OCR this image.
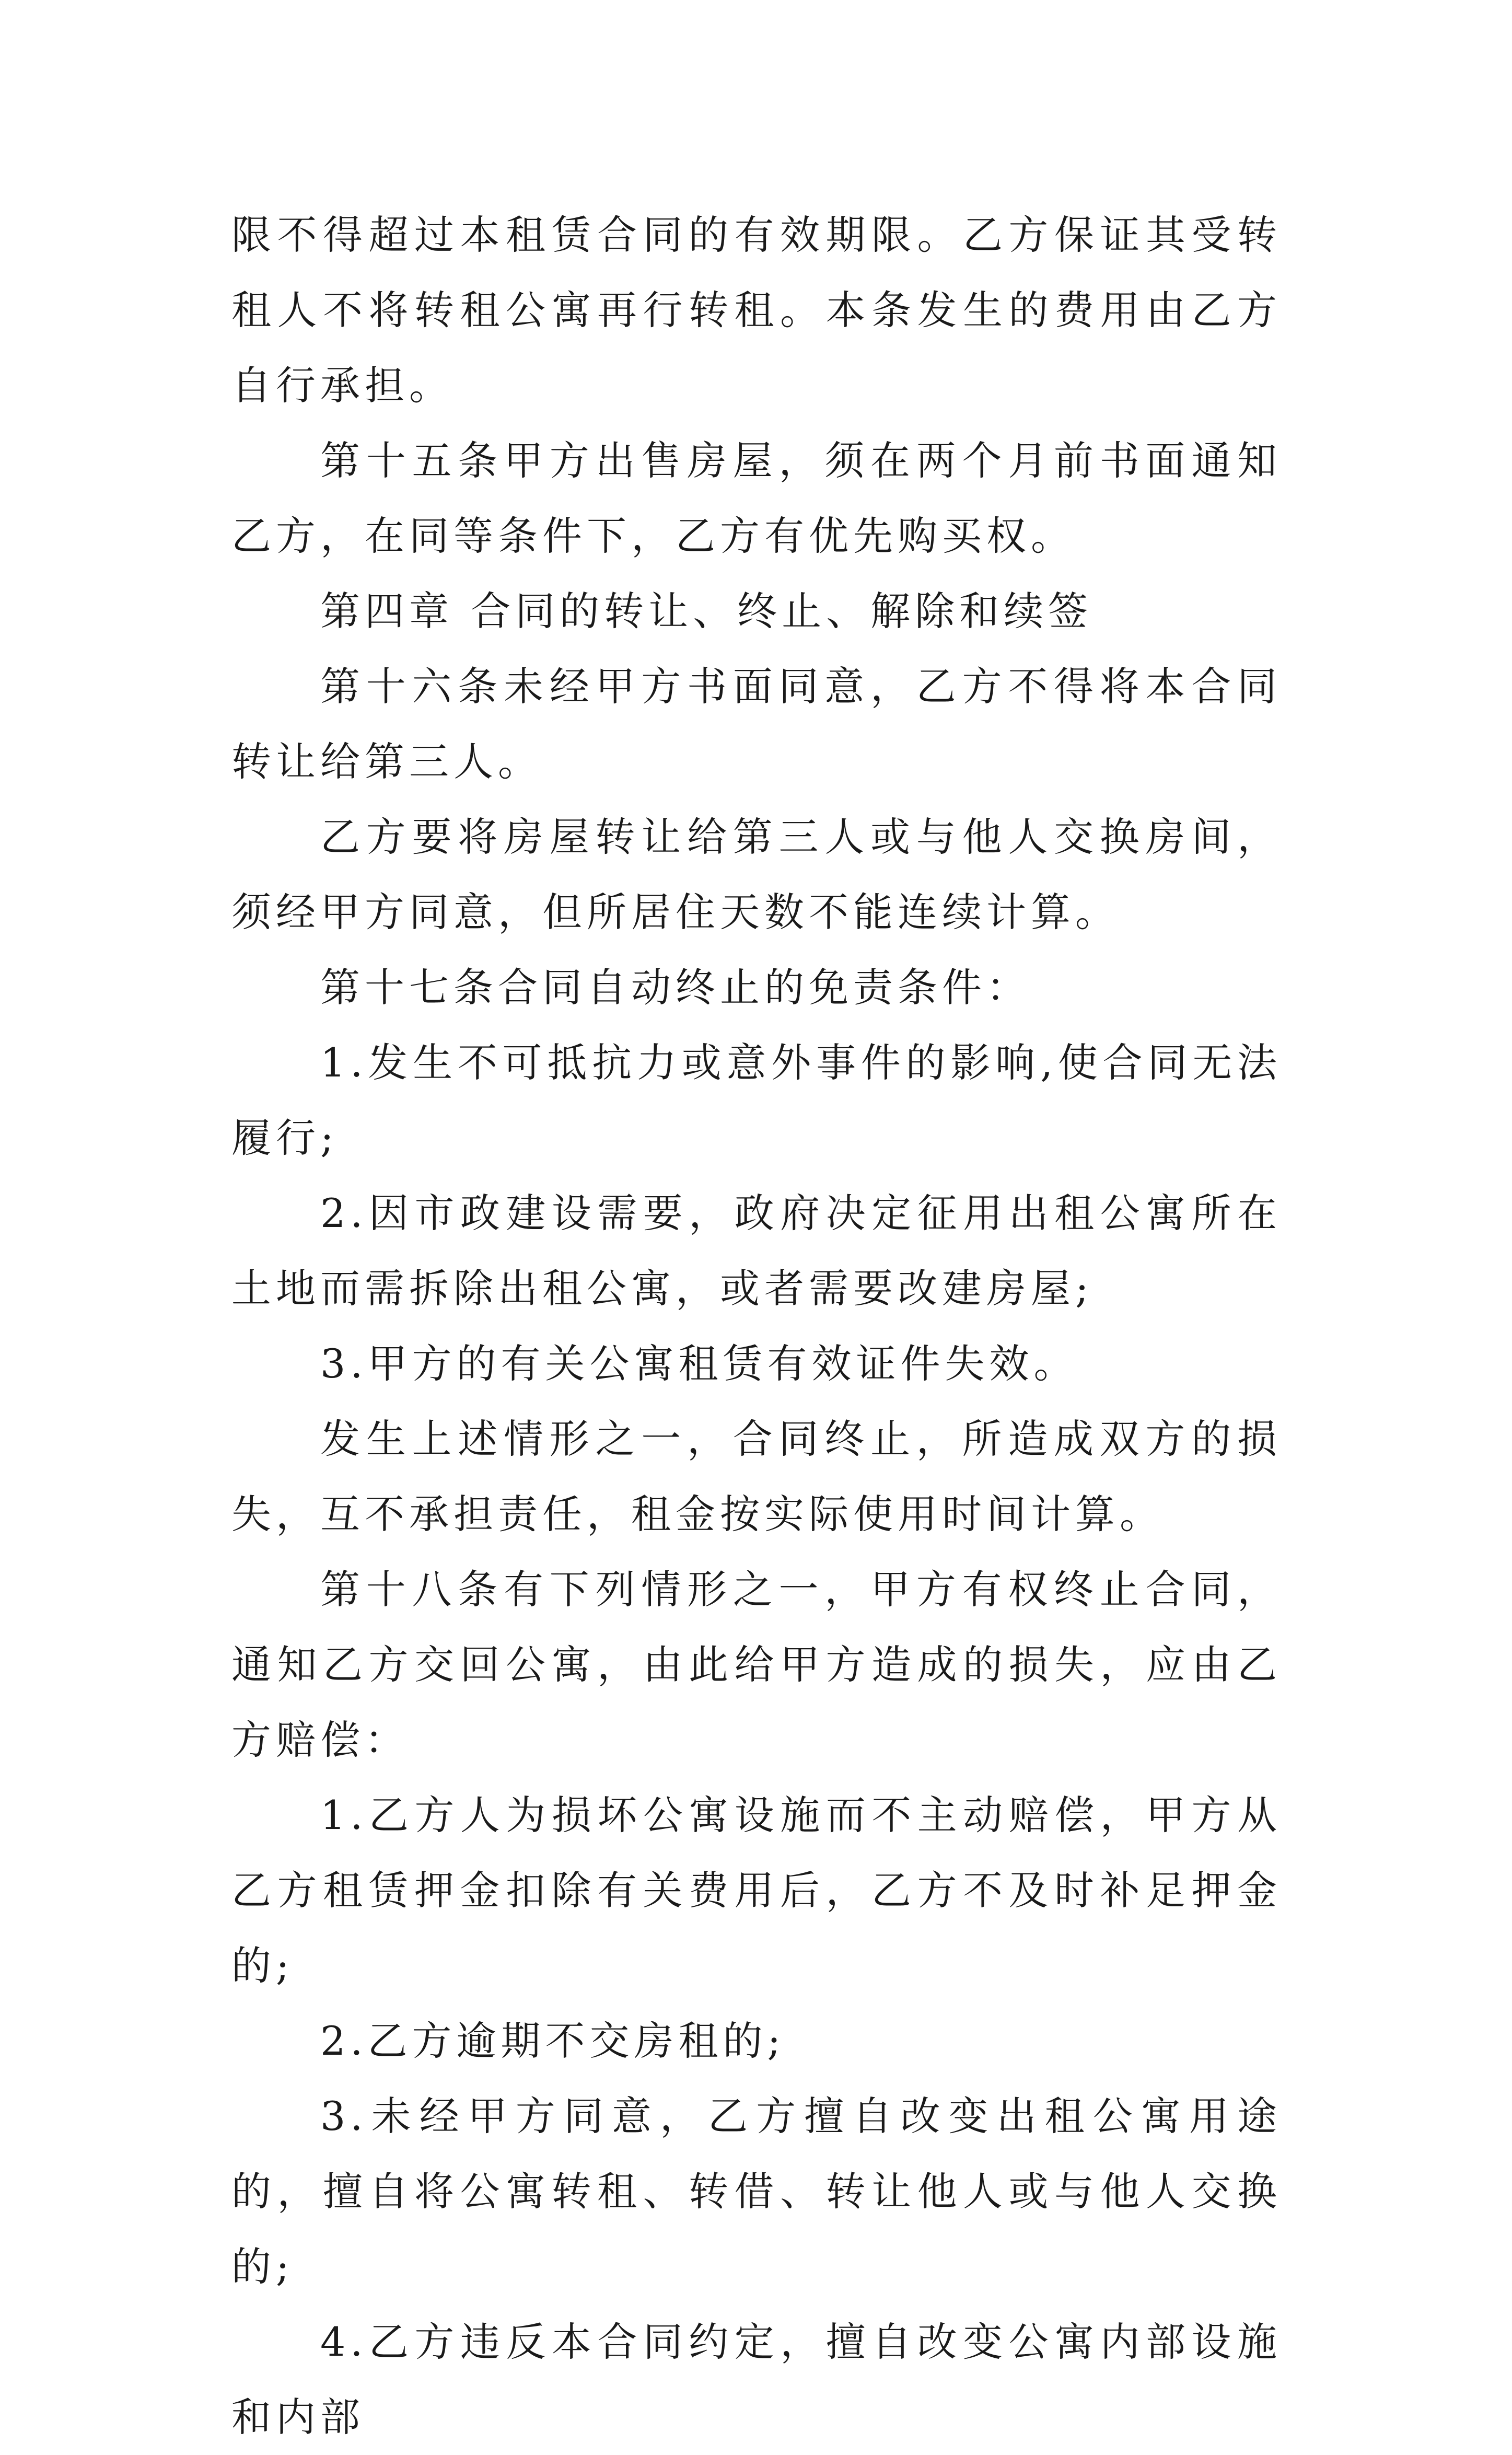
限不得超过本租赁合同的有效期限。乙方保证其受转租人不将转租公寓再行转租。本条发生的费用由乙方自行承担。

第十五条甲方出售房屋，须在两个月前书面通知乙方，在同等条件下，乙方有优先购买权。

第四章 合同的转让、终止、解除和续签

第十六条未经甲方书面同意，乙方不得将本合同转让给第三人。

乙方要将房屋转让给第三人或与他人交换房间，须经甲方同意，但所居住天数不能连续计算。

第十七条合同自动终止的免责条件：

1.发生不可抵抗力或意外事件的影响,使合同无法履行;

2.因市政建设需要，政府决定征用出租公寓所在土地而需拆除出租公寓，或者需要改建房屋;

3.甲方的有关公寓租赁有效证件失效。

发生上述情形之一，合同终止，所造成双方的损失，互不承担责任，租金按实际使用时间计算。

第十八条有下列情形之一，甲方有权终止合同，通知乙方交回公寓，由此给甲方造成的损失，应由乙方赔偿：

1.乙方人为损坏公寓设施而不主动赔偿，甲方从乙方租赁押金扣除有关费用后，乙方不及时补足押金的;

2.乙方逾期不交房租的;

3.未经甲方同意，乙方擅自改变出租公寓用途的，擅自将公寓转租、转借、转让他人或与他人交换的;

4.乙方违反本合同约定，擅自改变公寓内部设施和内部
